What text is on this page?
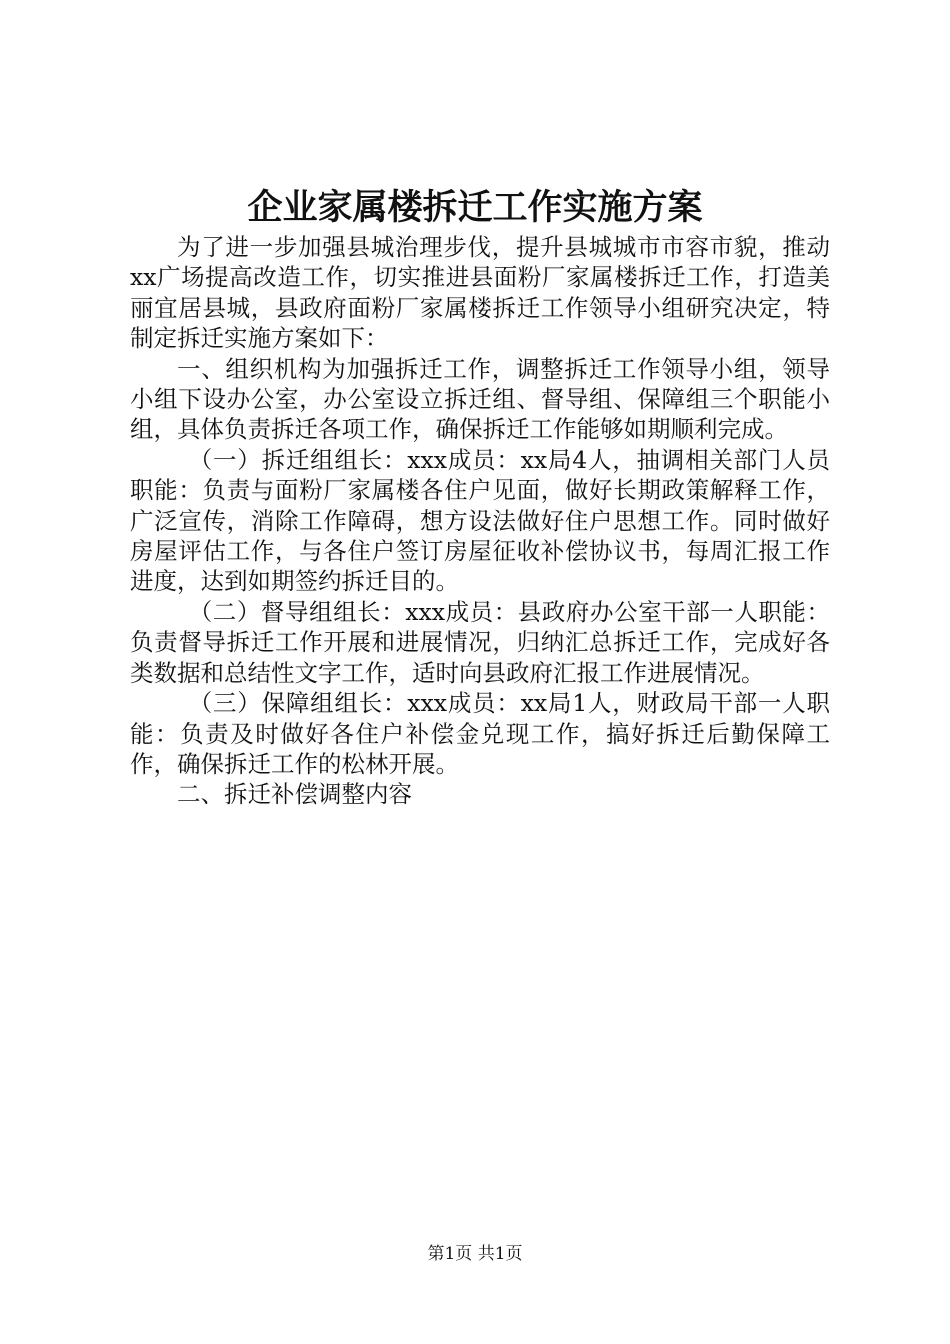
企业家属楼拆迁工作实施方案

为了进一步加强县城治理步伐，提升县城城市市容市貌，推动xx广场提高改造工作，切实推进县面粉厂家属楼拆迁工作，打造美丽宜居县城，县政府面粉厂家属楼拆迁工作领导小组研究决定，特制定拆迁实施方案如下：

一、组织机构为加强拆迁工作，调整拆迁工作领导小组，领导小组下设办公室，办公室设立拆迁组、督导组、保障组三个职能小组，具体负责拆迁各项工作，确保拆迁工作能够如期顺利完成。

（一）拆迁组组长：xxx成员：xx局4人，抽调相关部门人员职能：负责与面粉厂家属楼各住户见面，做好长期政策解释工作，广泛宣传，消除工作障碍，想方设法做好住户思想工作。同时做好房屋评估工作，与各住户签订房屋征收补偿协议书，每周汇报工作进度，达到如期签约拆迁目的。

（二）督导组组长：xxx成员：县政府办公室干部一人职能：负责督导拆迁工作开展和进展情况，归纳汇总拆迁工作，完成好各类数据和总结性文字工作，适时向县政府汇报工作进展情况。

（三）保障组组长：xxx成员：xx局1人，财政局干部一人职能：负责及时做好各住户补偿金兑现工作，搞好拆迁后勤保障工作，确保拆迁工作的松林开展。

二、拆迁补偿调整内容

第1页 共1页
